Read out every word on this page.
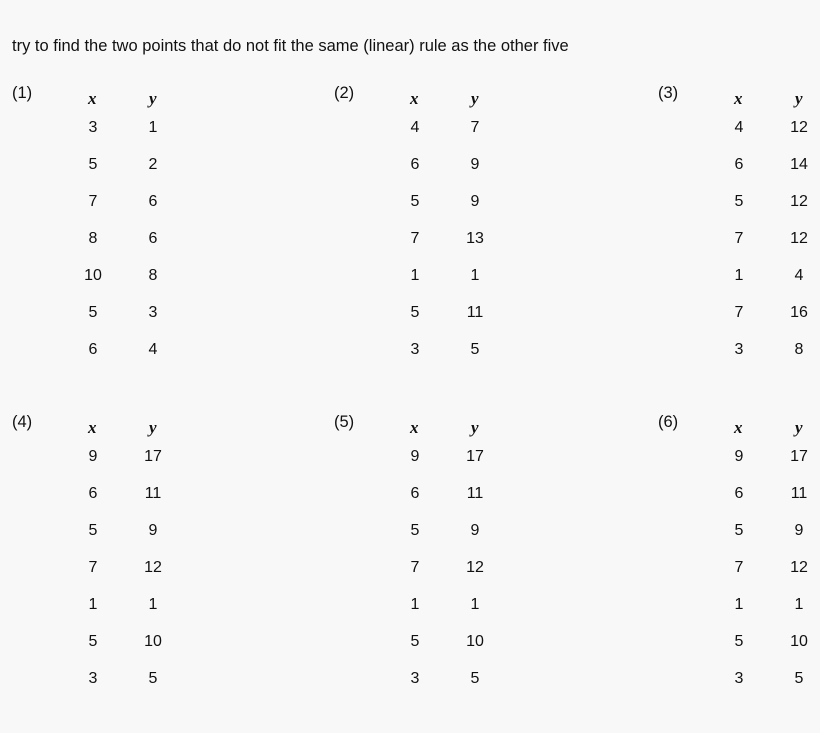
try to find the two points that do not fit the same (linear) rule as the other five
(1)	x	y
3	1
5	2
7	6
8	6
10	8
5	3
6	4
(2)	x	y
4	7
6	9
5	9
7	13
1	1
5	11
3	5
(3)	x	y
4	12
6	14
5	12
7	12
1	4
7	16
3	8
(4)	x	y
9	17
6	11
5	9
7	12
1	1
5	10
3	5
(5)	x	y
9	17
6	11
5	9
7	12
1	1
5	10
3	5
(6)	x	y
9	17
6	11
5	9
7	12
1	1
5	10
3	5
